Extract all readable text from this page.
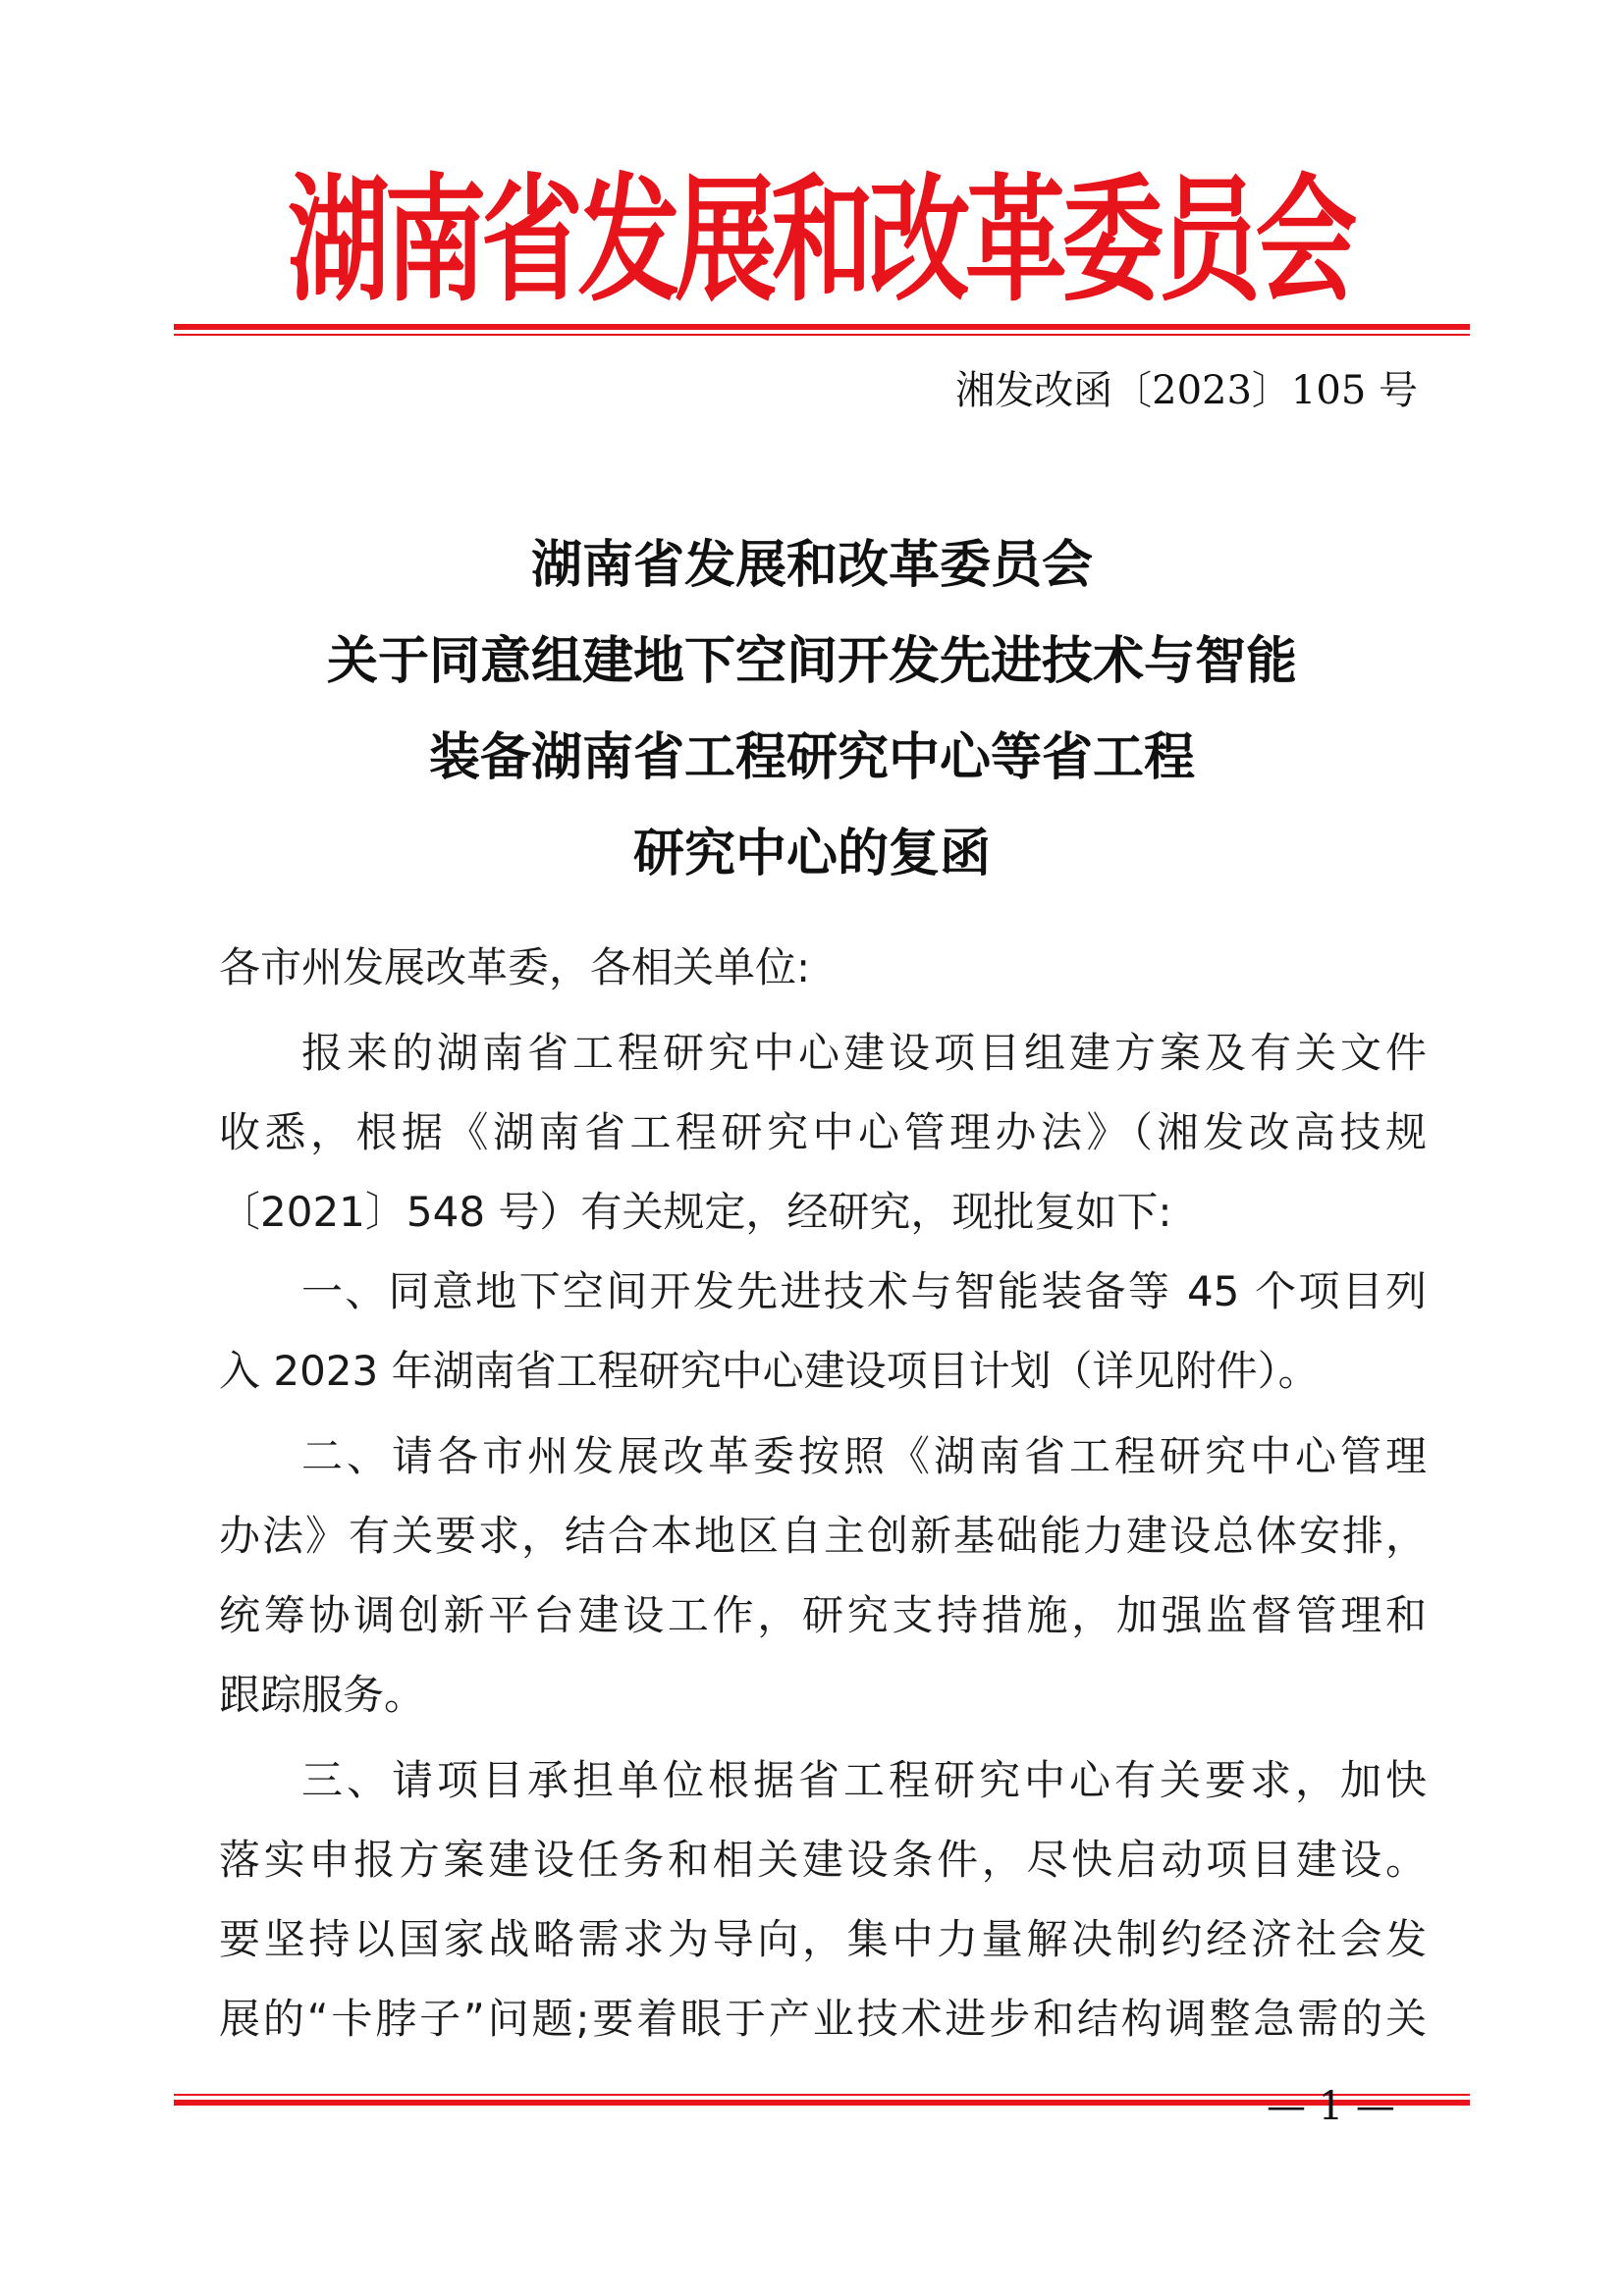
湖南省发展和改革委员会
湘发改函〔2023〕105 号
湖南省发展和改革委员会
关于同意组建地下空间开发先进技术与智能
装备湖南省工程研究中心等省工程
研究中心的复函
各市州发展改革委，各相关单位:
报来的湖南省工程研究中心建设项目组建方案及有关文件
收悉，根据《湖南省工程研究中心管理办法》（湘发改高技规
〔2021〕548 号）有关规定，经研究，现批复如下:
一、同意地下空间开发先进技术与智能装备等 45 个项目列
入 2023 年湖南省工程研究中心建设项目计划（详见附件）。
二、请各市州发展改革委按照《湖南省工程研究中心管理
办法》有关要求，结合本地区自主创新基础能力建设总体安排，
统筹协调创新平台建设工作，研究支持措施，加强监督管理和
跟踪服务。
三、请项目承担单位根据省工程研究中心有关要求，加快
落实申报方案建设任务和相关建设条件，尽快启动项目建设。
要坚持以国家战略需求为导向，集中力量解决制约经济社会发
展的“卡脖子”问题;要着眼于产业技术进步和结构调整急需的关
— 1 —
